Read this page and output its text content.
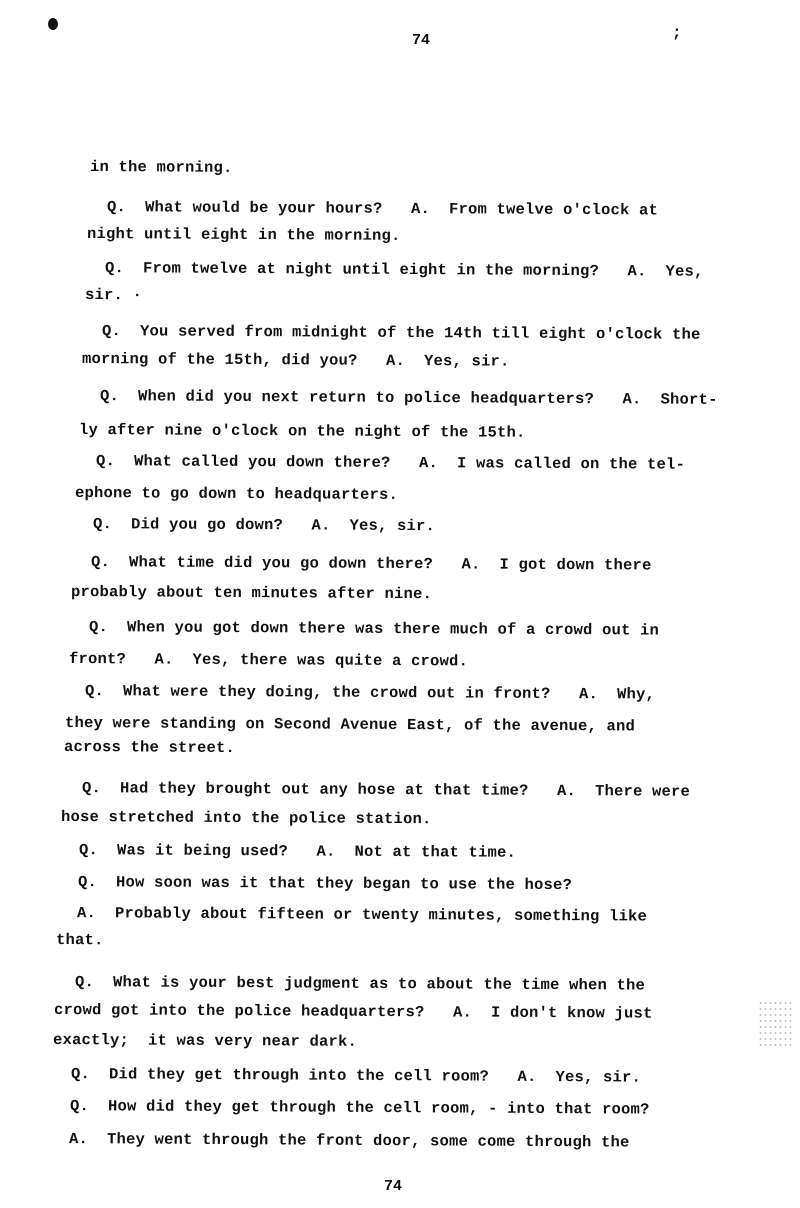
74	;
in the morning.
Q.  What would be your hours?   A.  From twelve o'clock at
night until eight in the morning.
Q.  From twelve at night until eight in the morning?   A.  Yes,
sir. ·
Q.  You served from midnight of the 14th till eight o'clock the
morning of the 15th, did you?   A.  Yes, sir.
Q.  When did you next return to police headquarters?   A.  Short-
ly after nine o'clock on the night of the 15th.
Q.  What called you down there?   A.  I was called on the tel-
ephone to go down to headquarters.
Q.  Did you go down?   A.  Yes, sir.
Q.  What time did you go down there?   A.  I got down there
probably about ten minutes after nine.
Q.  When you got down there was there much of a crowd out in
front?   A.  Yes, there was quite a crowd.
Q.  What were they doing, the crowd out in front?   A.  Why,
they were standing on Second Avenue East, of the avenue, and
across the street.
Q.  Had they brought out any hose at that time?   A.  There were
hose stretched into the police station.
Q.  Was it being used?   A.  Not at that time.
Q.  How soon was it that they began to use the hose?
A.  Probably about fifteen or twenty minutes, something like
that.
Q.  What is your best judgment as to about the time when the
crowd got into the police headquarters?   A.  I don't know just
exactly;  it was very near dark.
Q.  Did they get through into the cell room?   A.  Yes, sir.
Q.  How did they get through the cell room, - into that room?
A.  They went through the front door, some come through the
74
